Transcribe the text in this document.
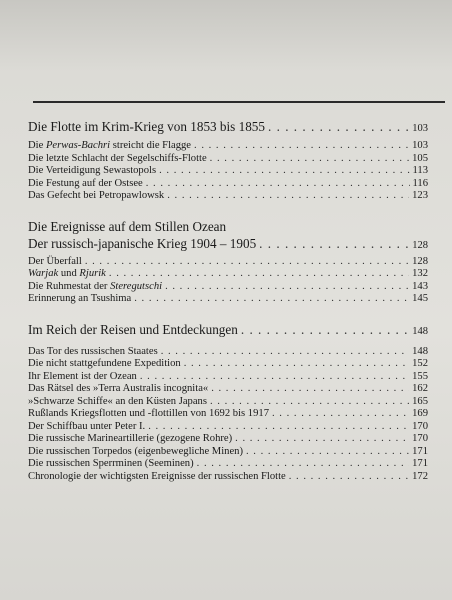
Die Flotte im Krim-Krieg von 1853 bis 1855 . . .	103
Die Perwas-Bachri streicht die Flagge . . .	103
Die letzte Schlacht der Segelschiffs-Flotte . . .	105
Die Verteidigung Sewastopols . . .	113
Die Festung auf der Ostsee . . .	116
Das Gefecht bei Petropawlowsk . . .	123
Die Ereignisse auf dem Stillen Ozean
Der russisch-japanische Krieg 1904 – 1905 . . .	128
Der Überfall . . .	128
Warjak und Rjurik . . .	132
Die Ruhmestat der Steregutschi . . .	143
Erinnerung an Tsushima . . .	145
Im Reich der Reisen und Entdeckungen . . .	148
Das Tor des russischen Staates . . .	148
Die nicht stattgefundene Expedition . . .	152
Ihr Element ist der Ozean . . .	155
Das Rätsel des »Terra Australis incognita« . . .	162
»Schwarze Schiffe« an den Küsten Japans . . .	165
Rußlands Kriegsflotten und -flottillen von 1692 bis 1917 . . .	169
Der Schiffbau unter Peter I. . . .	170
Die russische Marineartillerie (gezogene Rohre) . . .	170
Die russischen Torpedos (eigenbewegliche Minen) . . .	171
Die russischen Sperrminen (Seeminen) . . .	171
Chronologie der wichtigsten Ereignisse der russischen Flotte . . .	172
